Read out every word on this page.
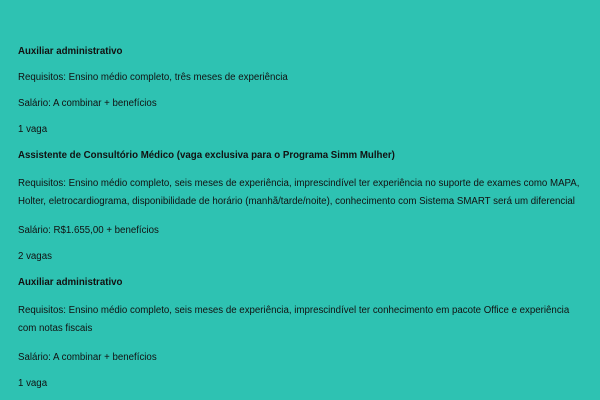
Auxiliar administrativo
Requisitos: Ensino médio completo, três meses de experiência
Salário: A combinar + benefícios
1 vaga
Assistente de Consultório Médico (vaga exclusiva para o Programa Simm Mulher)
Requisitos: Ensino médio completo, seis meses de experiência, imprescindível ter experiência no suporte de exames como MAPA, Holter, eletrocardiograma, disponibilidade de horário (manhã/tarde/noite), conhecimento com Sistema SMART será um diferencial
Salário: R$1.655,00 + benefícios
2 vagas
Auxiliar administrativo
Requisitos: Ensino médio completo, seis meses de experiência, imprescindível ter conhecimento em pacote Office e experiência com notas fiscais
Salário: A combinar + benefícios
1 vaga
